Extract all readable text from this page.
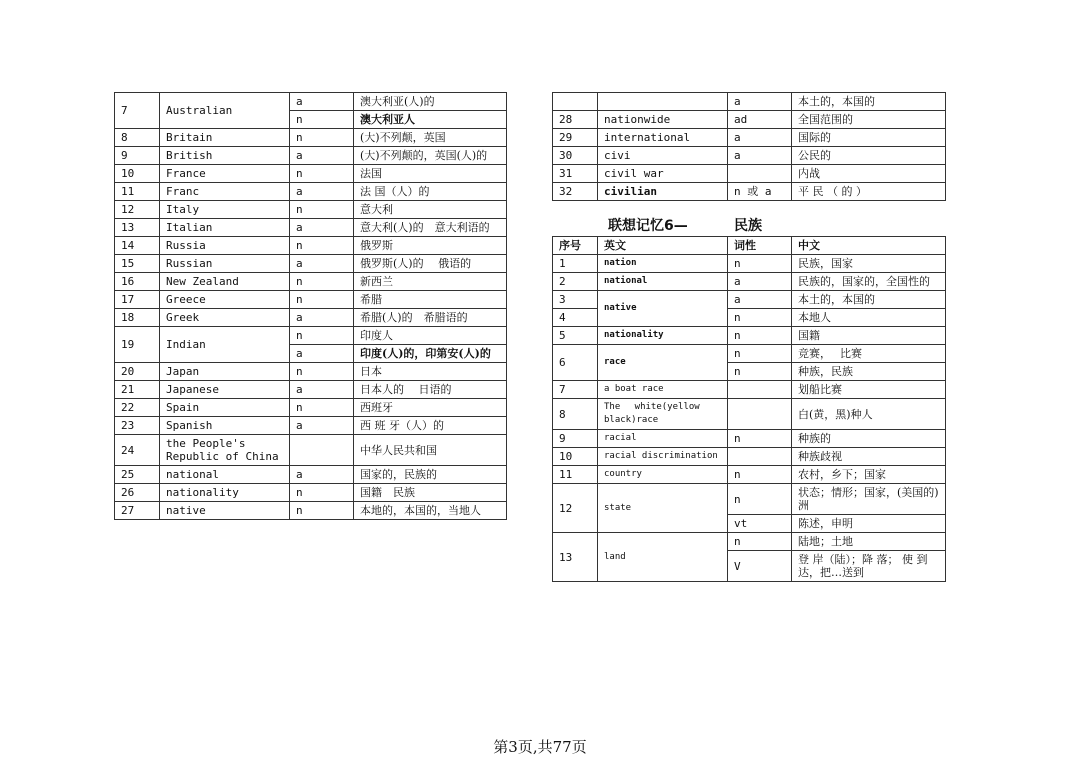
7	Australian	a	澳大利亚(人)的
		n	澳大利亚人
8	Britain	n	(大)不列颠，英国
9	British	a	(大)不列颠的，英国(人)的
10	France	n	法国
11	Franc	a	法 国（人）的
12	Italy	n	意大利
13	Italian	a	意大利(人)的　意大利语的
14	Russia	n	俄罗斯
15	Russian	a	俄罗斯(人)的　 俄语的
16	New Zealand	n	新西兰
17	Greece	n	希腊
18	Greek	a	希腊(人)的　希腊语的
19	Indian	n	印度人
		a	印度(人)的，印第安(人)的
20	Japan	n	日本
21	Japanese	a	日本人的　 日语的
22	Spain	n	西班牙
23	Spanish	a	西 班 牙（人）的
24	the People's Republic of China		中华人民共和国
25	national	a	国家的，民族的
26	nationality	n	国籍　民族
27	native	n	本地的，本国的，当地人
		a	本土的，本国的
28	nationwide	ad	全国范围的
29	international	a	国际的
30	civi	a	公民的
31	civil war		内战
32	civilian	n 或 a	平 民 （ 的 ）
联想记忆6—	民族
序号	英文	词性	中文
1	nation	n	民族，国家
2	national	a	民族的，国家的，全国性的
3	native	a	本土的，本国的
4		n	本地人
5	nationality	n	国籍
6	race	n	竞赛，　 比赛
		n	种族，民族
7	a boat race		划船比赛
8	The　 white(yellow black)race		白(黄，黑)种人
9	racial	n	种族的
10	racial discrimination		种族歧视
11	country	n	农村，乡下；国家
12	state	n	状态；情形；国家，(美国的)洲
		vt	陈述，申明
13	land	n	陆地；土地
		V	登 岸（陆）；降 落； 使 到达，把…送到
第3页,共77页
